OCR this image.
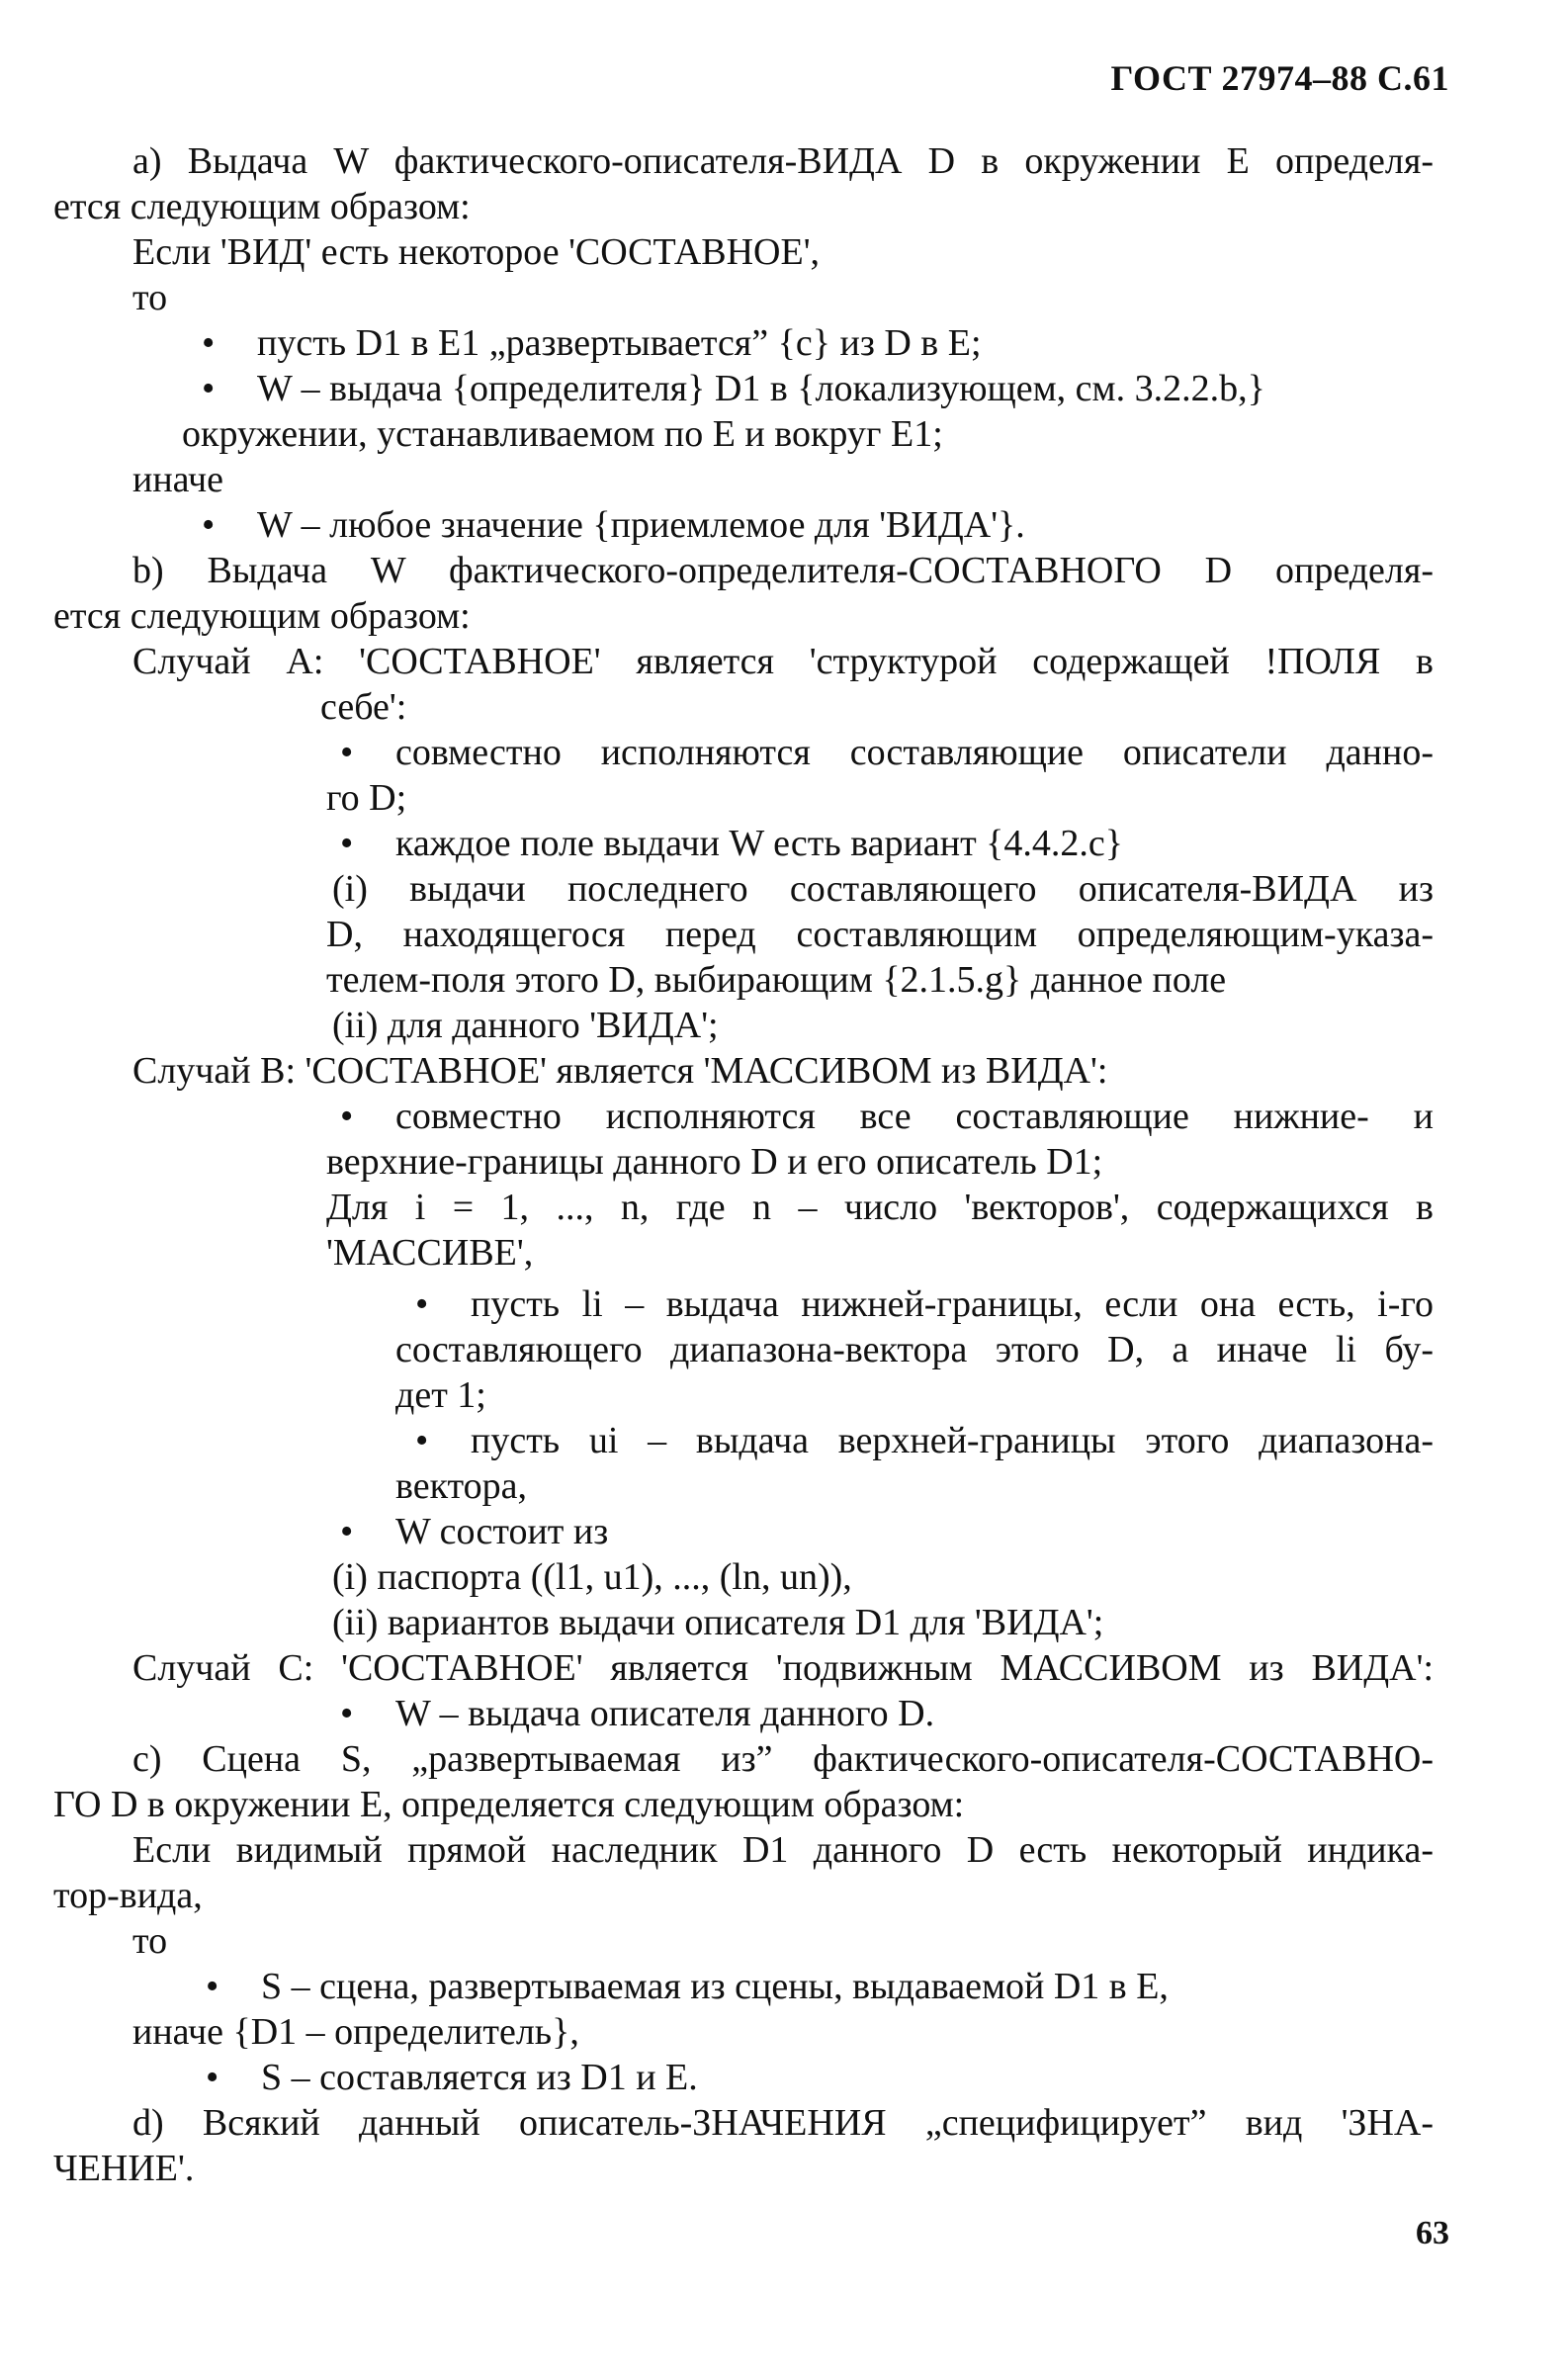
ГОСТ 27974–88 С.61
а) Выдача W фактического-описателя-ВИДА D в окружении Е определя-
ется следующим образом:
Если 'ВИД' есть некоторое 'СОСТАВНОЕ',
то
• пусть D1 в Е1 „развертывается” {с} из D в Е;
• W – выдача {определителя} D1 в {локализующем, см. 3.2.2.b,}
окружении, устанавливаемом по Е и вокруг Е1;
иначе
• W – любое значение {приемлемое для 'ВИДА'}.
b) Выдача W фактического-определителя-СОСТАВНОГО D определя-
ется следующим образом:
Случай А: 'СОСТАВНОЕ' является 'структурой содержащей !ПОЛЯ в
себе':
• совместно исполняются составляющие описатели данно-
го D;
• каждое поле выдачи W есть вариант {4.4.2.с}
(i) выдачи последнего составляющего описателя-ВИДА из
D, находящегося перед составляющим определяющим-указа-
телем-поля этого D, выбирающим {2.1.5.g} данное поле
(ii) для данного 'ВИДА';
Случай В: 'СОСТАВНОЕ' является 'МАССИВОМ из ВИДА':
• совместно исполняются все составляющие нижние- и
верхние-границы данного D и его описатель D1;
Для i = 1, ..., n, где n – число 'векторов', содержащихся в
'МАССИВЕ',
• пусть li – выдача нижней-границы, если она есть, i-го
составляющего диапазона-вектора этого D, а иначе li бу-
дет 1;
• пусть ui – выдача верхней-границы этого диапазона-
вектора,
• W состоит из
(i) паспорта ((l1, u1), ..., (ln, un)),
(ii) вариантов выдачи описателя D1 для 'ВИДА';
Случай С: 'СОСТАВНОЕ' является 'подвижным МАССИВОМ из ВИДА':
• W – выдача описателя данного D.
с) Сцена S, „развертываемая из” фактического-описателя-СОСТАВНО-
ГО D в окружении Е, определяется следующим образом:
Если видимый прямой наследник D1 данного D есть некоторый индика-
тор-вида,
то
• S – сцена, развертываемая из сцены, выдаваемой D1 в Е,
иначе {D1 – определитель},
• S – составляется из D1 и Е.
d) Всякий данный описатель-ЗНАЧЕНИЯ „специфицирует” вид 'ЗНА-
ЧЕНИЕ'.
63
